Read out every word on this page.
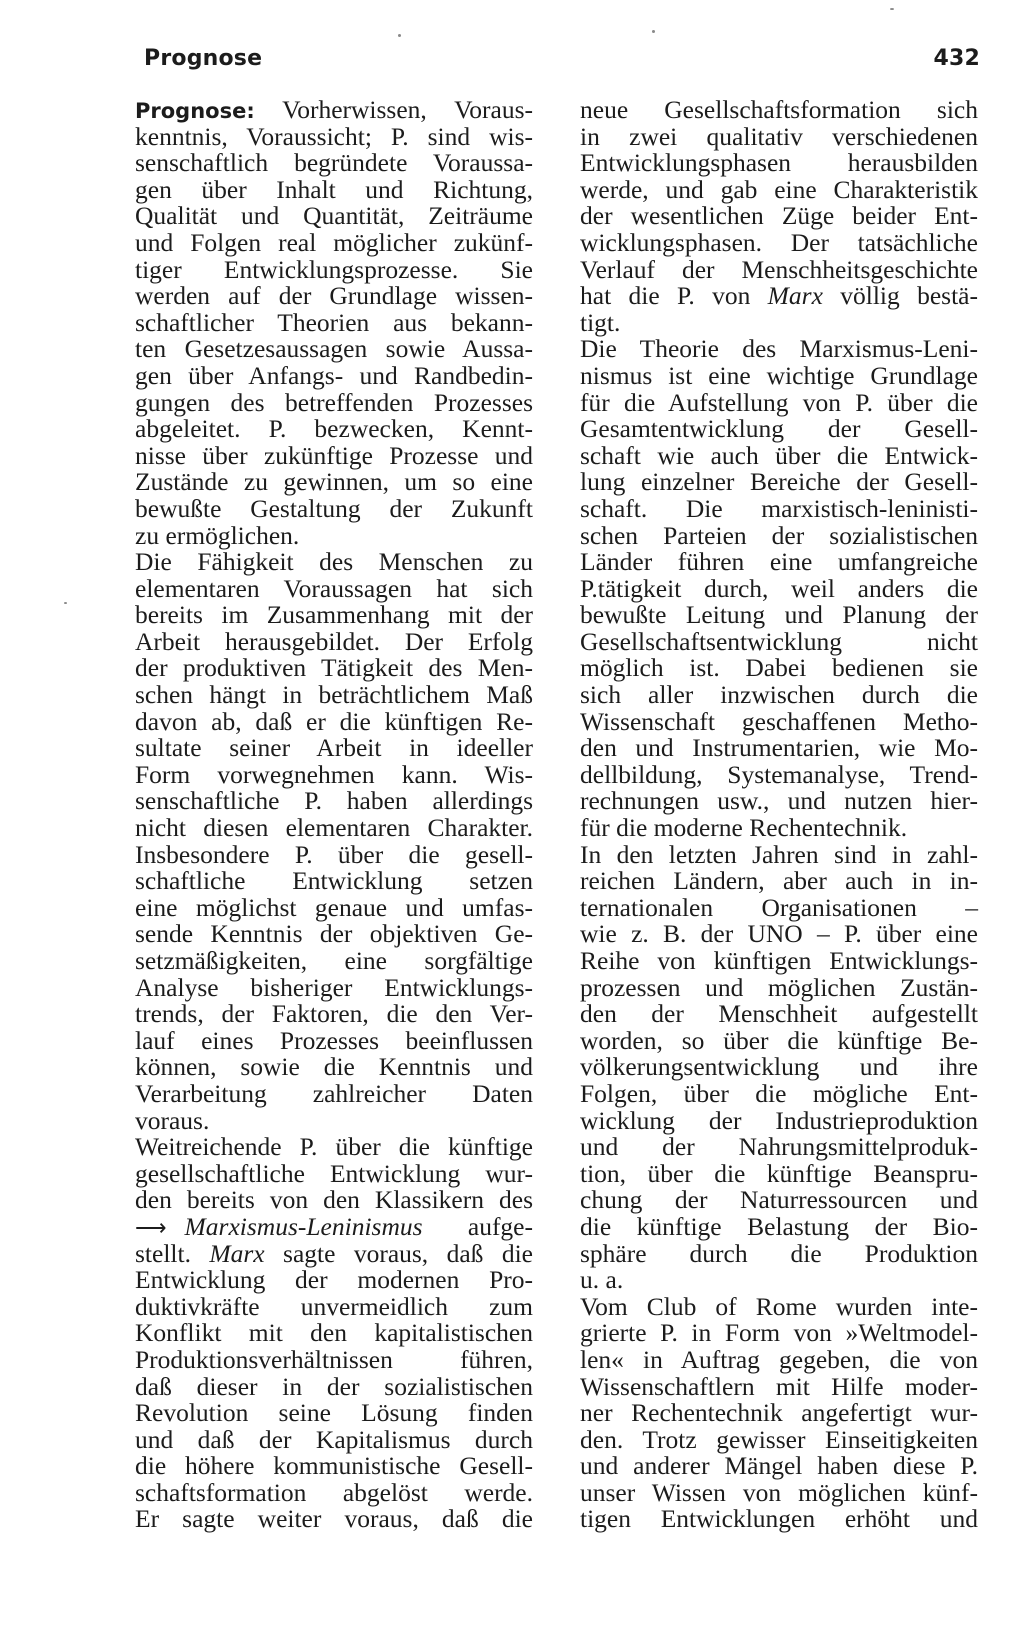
Prognose	432
Prognose: Vorherwissen, Voraus-
kenntnis, Voraussicht; P. sind wis-
senschaftlich begründete Voraussa-
gen über Inhalt und Richtung,
Qualität und Quantität, Zeiträume
und Folgen real möglicher zukünf-
tiger Entwicklungsprozesse. Sie
werden auf der Grundlage wissen-
schaftlicher Theorien aus bekann-
ten Gesetzesaussagen sowie Aussa-
gen über Anfangs- und Randbedin-
gungen des betreffenden Prozesses
abgeleitet. P. bezwecken, Kennt-
nisse über zukünftige Prozesse und
Zustände zu gewinnen, um so eine
bewußte Gestaltung der Zukunft
zu ermöglichen.
Die Fähigkeit des Menschen zu
elementaren Voraussagen hat sich
bereits im Zusammenhang mit der
Arbeit herausgebildet. Der Erfolg
der produktiven Tätigkeit des Men-
schen hängt in beträchtlichem Maß
davon ab, daß er die künftigen Re-
sultate seiner Arbeit in ideeller
Form vorwegnehmen kann. Wis-
senschaftliche P. haben allerdings
nicht diesen elementaren Charakter.
Insbesondere P. über die gesell-
schaftliche Entwicklung setzen
eine möglichst genaue und umfas-
sende Kenntnis der objektiven Ge-
setzmäßigkeiten, eine sorgfältige
Analyse bisheriger Entwicklungs-
trends, der Faktoren, die den Ver-
lauf eines Prozesses beeinflussen
können, sowie die Kenntnis und
Verarbeitung zahlreicher Daten
voraus.
Weitreichende P. über die künftige
gesellschaftliche Entwicklung wur-
den bereits von den Klassikern des
⟶ Marxismus-Leninismus aufge-
stellt. Marx sagte voraus, daß die
Entwicklung der modernen Pro-
duktivkräfte unvermeidlich zum
Konflikt mit den kapitalistischen
Produktionsverhältnissen führen,
daß dieser in der sozialistischen
Revolution seine Lösung finden
und daß der Kapitalismus durch
die höhere kommunistische Gesell-
schaftsformation abgelöst werde.
Er sagte weiter voraus, daß die
neue Gesellschaftsformation sich
in zwei qualitativ verschiedenen
Entwicklungsphasen herausbilden
werde, und gab eine Charakteristik
der wesentlichen Züge beider Ent-
wicklungsphasen. Der tatsächliche
Verlauf der Menschheitsgeschichte
hat die P. von Marx völlig bestä-
tigt.
Die Theorie des Marxismus-Leni-
nismus ist eine wichtige Grundlage
für die Aufstellung von P. über die
Gesamtentwicklung der Gesell-
schaft wie auch über die Entwick-
lung einzelner Bereiche der Gesell-
schaft. Die marxistisch-leninisti-
schen Parteien der sozialistischen
Länder führen eine umfangreiche
P.tätigkeit durch, weil anders die
bewußte Leitung und Planung der
Gesellschaftsentwicklung nicht
möglich ist. Dabei bedienen sie
sich aller inzwischen durch die
Wissenschaft geschaffenen Metho-
den und Instrumentarien, wie Mo-
dellbildung, Systemanalyse, Trend-
rechnungen usw., und nutzen hier-
für die moderne Rechentechnik.
In den letzten Jahren sind in zahl-
reichen Ländern, aber auch in in-
ternationalen Organisationen –
wie z. B. der UNO – P. über eine
Reihe von künftigen Entwicklungs-
prozessen und möglichen Zustän-
den der Menschheit aufgestellt
worden, so über die künftige Be-
völkerungsentwicklung und ihre
Folgen, über die mögliche Ent-
wicklung der Industrieproduktion
und der Nahrungsmittelproduk-
tion, über die künftige Beanspru-
chung der Naturressourcen und
die künftige Belastung der Bio-
sphäre durch die Produktion
u. a.
Vom Club of Rome wurden inte-
grierte P. in Form von »Weltmodel-
len« in Auftrag gegeben, die von
Wissenschaftlern mit Hilfe moder-
ner Rechentechnik angefertigt wur-
den. Trotz gewisser Einseitigkeiten
und anderer Mängel haben diese P.
unser Wissen von möglichen künf-
tigen Entwicklungen erhöht und
